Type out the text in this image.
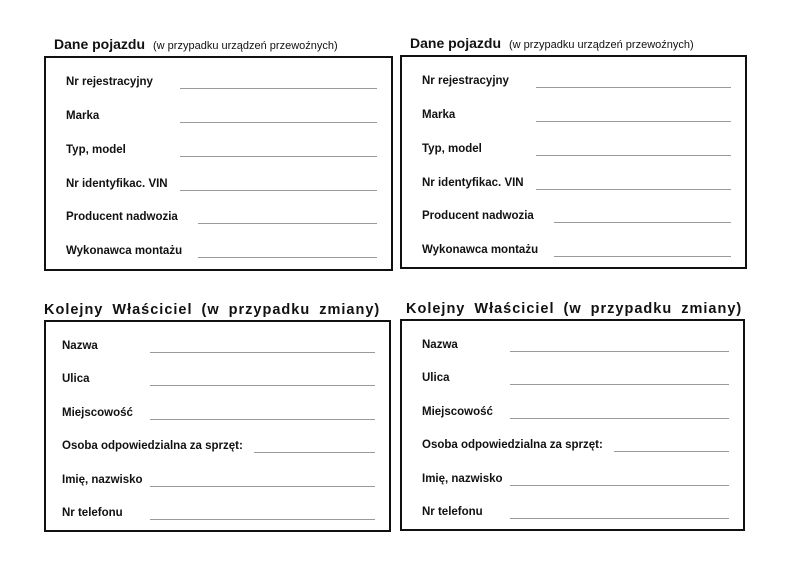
Dane pojazdu (w przypadku urządzeń przewoźnych)
Nr rejestracyjny
Marka
Typ, model
Nr identyfikac. VIN
Producent nadwozia
Wykonawca montażu
Dane pojazdu (w przypadku urządzeń przewoźnych)
Nr rejestracyjny
Marka
Typ, model
Nr identyfikac. VIN
Producent nadwozia
Wykonawca montażu
Kolejny Właściciel (w przypadku zmiany)
Nazwa
Ulica
Miejscowość
Osoba odpowiedzialna za sprzęt:
Imię, nazwisko
Nr telefonu
Kolejny Właściciel (w przypadku zmiany)
Nazwa
Ulica
Miejscowość
Osoba odpowiedzialna za sprzęt:
Imię, nazwisko
Nr telefonu
